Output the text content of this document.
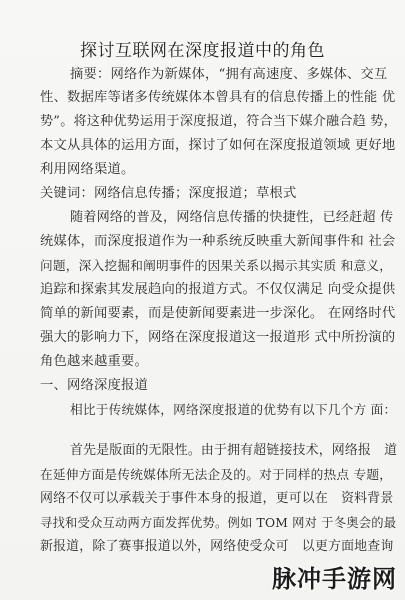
探讨互联网在深度报道中的角色
摘要：网络作为新媒体，“拥有高速度、多媒体、交互
性、数据库等诸多传统媒体本曾具有的信息传播上的性能 优
势”。将这种优势运用于深度报道，符合当下媒介融合趋 势，
本文从具体的运用方面，探讨了如何在深度报道领域 更好地
利用网络渠道。
关键词：网络信息传播；深度报道；草根式
随着网络的普及，网络信息传播的快捷性，已经赶超 传
统媒体，而深度报道作为一种系统反映重大新闻事件和 社会
问题，深入挖掘和阐明事件的因果关系以揭示其实质 和意义，
追踪和探索其发展趋向的报道方式。不仅仅满足 向受众提供
简单的新闻要素，而是使新闻要素进一步深化。 在网络时代
强大的影响力下，网络在深度报道这一报道形 式中所扮演的
角色越来越重要。
一、网络深度报道
相比于传统媒体，网络深度报道的优势有以下几个方 面：
首先是版面的无限性。由于拥有超链接技术，网络报　道
在延伸方面是传统媒体所无法企及的。对于同样的热点 专题，
网络不仅可以承载关于事件本身的报道，更可以在　资料背景
寻找和受众互动两方面发挥优势。例如 TOM 网对 于冬奥会的最
新报道，除了赛事报道以外，网络使受众可　以更方面地查询
脉冲手游网
